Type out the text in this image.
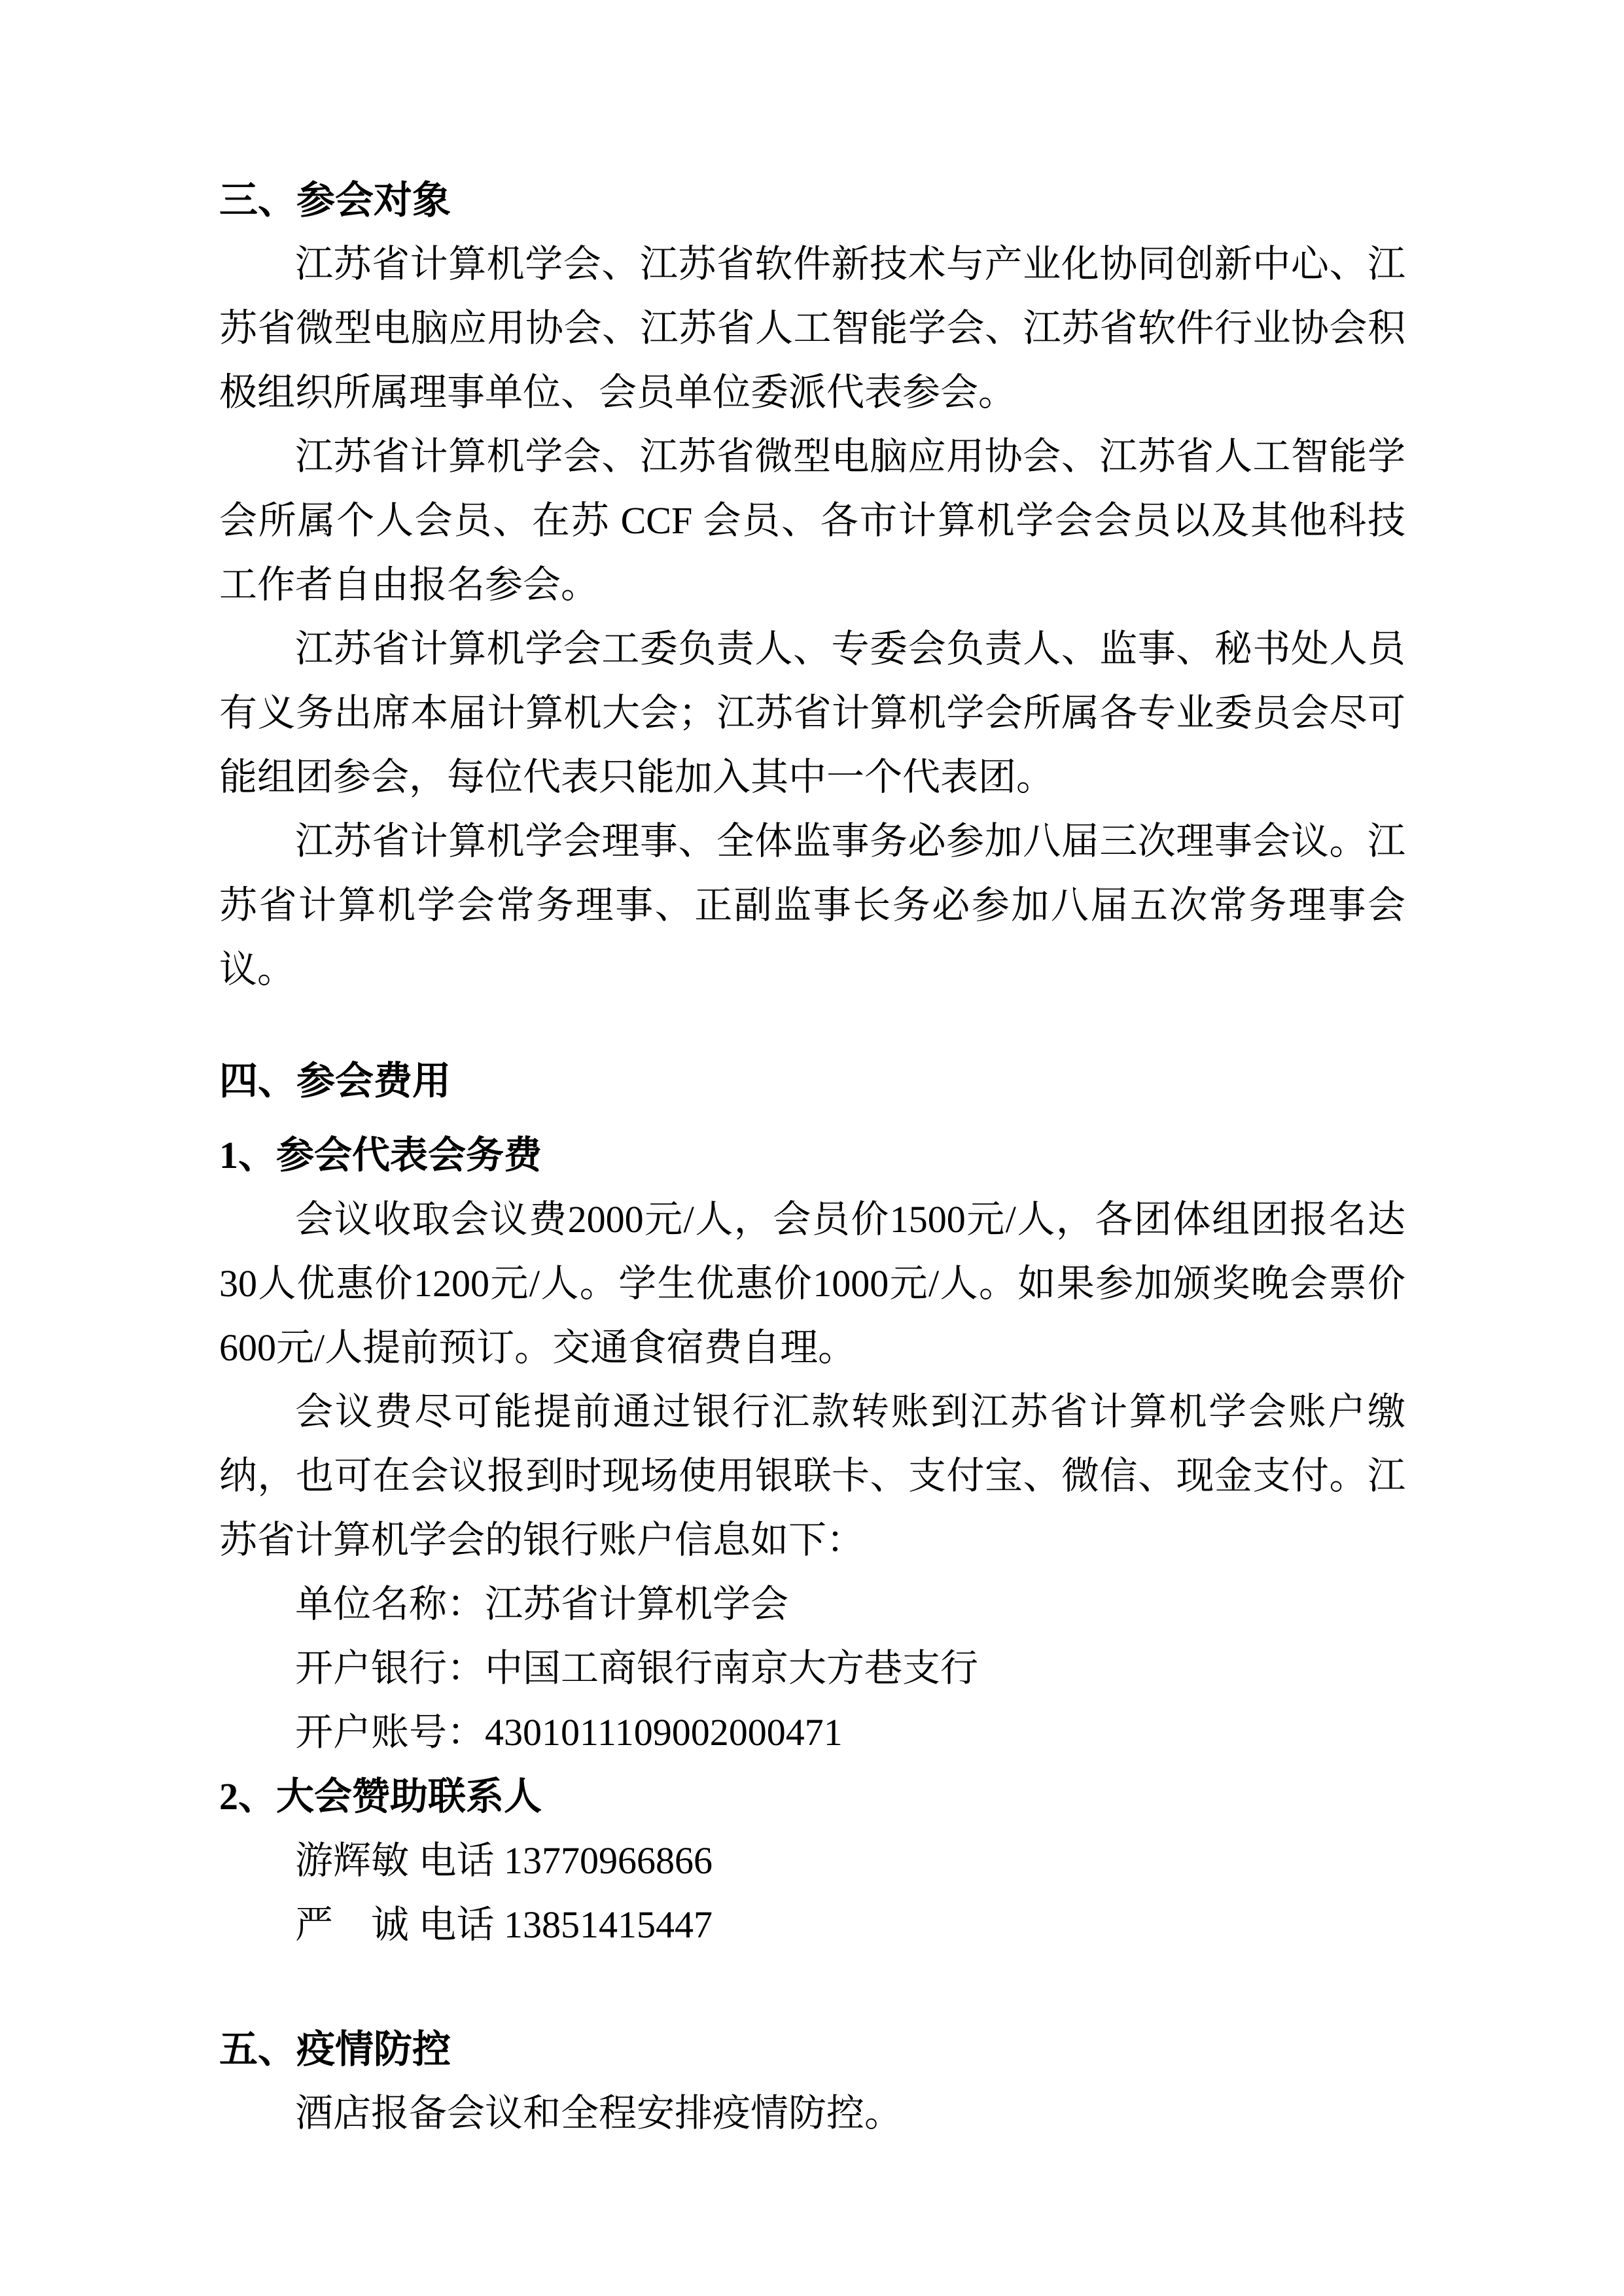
三、参会对象

江苏省计算机学会、江苏省软件新技术与产业化协同创新中心、江苏省微型电脑应用协会、江苏省人工智能学会、江苏省软件行业协会积极组织所属理事单位、会员单位委派代表参会。

江苏省计算机学会、江苏省微型电脑应用协会、江苏省人工智能学会所属个人会员、在苏 CCF 会员、各市计算机学会会员以及其他科技工作者自由报名参会。

江苏省计算机学会工委负责人、专委会负责人、监事、秘书处人员有义务出席本届计算机大会；江苏省计算机学会所属各专业委员会尽可能组团参会，每位代表只能加入其中一个代表团。

江苏省计算机学会理事、全体监事务必参加八届三次理事会议。江苏省计算机学会常务理事、正副监事长务必参加八届五次常务理事会议。

四、参会费用
1、参会代表会务费

会议收取会议费2000元/人，会员价1500元/人，各团体组团报名达30人优惠价1200元/人。学生优惠价1000元/人。如果参加颁奖晚会票价600元/人提前预订。交通食宿费自理。

会议费尽可能提前通过银行汇款转账到江苏省计算机学会账户缴纳，也可在会议报到时现场使用银联卡、支付宝、微信、现金支付。江苏省计算机学会的银行账户信息如下：

单位名称：江苏省计算机学会

开户银行：中国工商银行南京大方巷支行

开户账号：4301011109002000471

2、大会赞助联系人

游辉敏 电话 13770966866

严　诚 电话 13851415447

五、疫情防控

酒店报备会议和全程安排疫情防控。
